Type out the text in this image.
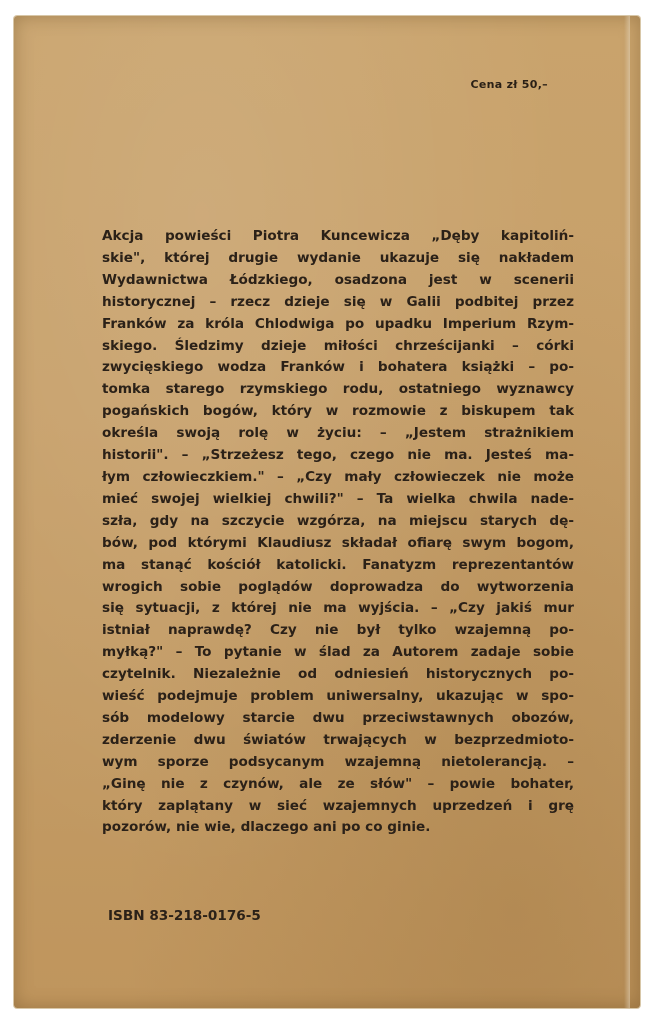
Cena zł 50,–
Akcja powieści Piotra Kuncewicza „Dęby kapitoliń-
skie", której drugie wydanie ukazuje się nakładem
Wydawnictwa Łódzkiego, osadzona jest w scenerii
historycznej – rzecz dzieje się w Galii podbitej przez
Franków za króla Chlodwiga po upadku Imperium Rzym-
skiego. Śledzimy dzieje miłości chrześcijanki – córki
zwycięskiego wodza Franków i bohatera książki – po-
tomka starego rzymskiego rodu, ostatniego wyznawcy
pogańskich bogów, który w rozmowie z biskupem tak
określa swoją rolę w życiu: – „Jestem strażnikiem
historii". – „Strzeżesz tego, czego nie ma. Jesteś ma-
łym człowieczkiem." – „Czy mały człowieczek nie może
mieć swojej wielkiej chwili?" – Ta wielka chwila nade-
szła, gdy na szczycie wzgórza, na miejscu starych dę-
bów, pod którymi Klaudiusz składał ofiarę swym bogom,
ma stanąć kościół katolicki. Fanatyzm reprezentantów
wrogich sobie poglądów doprowadza do wytworzenia
się sytuacji, z której nie ma wyjścia. – „Czy jakiś mur
istniał naprawdę? Czy nie był tylko wzajemną po-
myłką?" – To pytanie w ślad za Autorem zadaje sobie
czytelnik. Niezależnie od odniesień historycznych po-
wieść podejmuje problem uniwersalny, ukazując w spo-
sób modelowy starcie dwu przeciwstawnych obozów,
zderzenie dwu światów trwających w bezprzedmioto-
wym sporze podsycanym wzajemną nietolerancją. –
„Ginę nie z czynów, ale ze słów" – powie bohater,
który zaplątany w sieć wzajemnych uprzedzeń i grę
pozorów, nie wie, dlaczego ani po co ginie.
ISBN 83-218-0176-5
